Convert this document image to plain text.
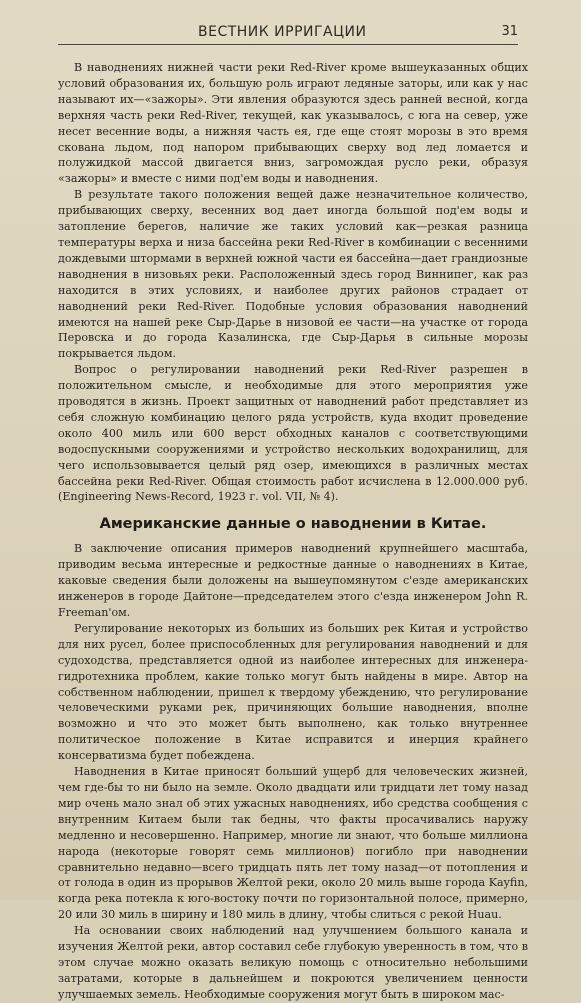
ВЕСТНИК ИРРИГАЦИИ	31

В наводнениях нижней части реки Red-River кроме вышеуказанных общих условий образования их, большую роль играют ледяные заторы, или как у нас называют их—«зажоры». Эти явления образуются здесь ранней весной, когда верхняя часть реки Red-River, текущей, как указывалось, с юга на север, уже несет весенние воды, а нижняя часть ея, где еще стоят морозы в это время скована льдом, под напором прибывающих сверху вод лед ломается и полужидкой массой двигается вниз, загромождая русло реки, образуя «зажоры» и вместе с ними под'ем воды и наводнения.

В результате такого положения вещей даже незначительное количество, прибывающих сверху, весенних вод дает иногда большой под'ем воды и затопление берегов, наличие же таких условий как—резкая разница температуры верха и низа бассейна реки Red-River в комбинации с весенними дождевыми штормами в верхней южной части ея бассейна—дает грандиозные наводнения в низовьях реки. Расположенный здесь город Виннипег, как раз находится в этих условиях, и наиболее других районов страдает от наводнений реки Red-River. Подобные условия образования наводнений имеются на нашей реке Сыр-Дарье в низовой ее части—на участке от города Перовска и до города Казалинска, где Сыр-Дарья в сильные морозы покрывается льдом.

Вопрос о регулировании наводнений реки Red-River разрешен в положительном смысле, и необходимые для этого мероприятия уже проводятся в жизнь. Проект защитных от наводнений работ представляет из себя сложную комбинацию целого ряда устройств, куда входит проведение около 400 миль или 600 верст обходных каналов с соответствующими водоспускными сооружениями и устройство нескольких водохранилищ, для чего использовывается целый ряд озер, имеющихся в различных местах бассейна реки Red-River. Общая стоимость работ исчислена в 12.000.000 руб. (Engineering News-Record, 1923 г. vol. VII, № 4).

Американские данные о наводнении в Китае.

В заключение описания примеров наводнений крупнейшего масштаба, приводим весьма интересные и редкостные данные о наводнениях в Китае, каковые сведения были доложены на вышеупомянутом с'езде американских инженеров в городе Дайтоне—председателем этого с'езда инженером John R. Freeman'ом.

Регулирование некоторых из больших из больших рек Китая и устройство для них русел, более приспособленных для регулирования наводнений и для судоходства, представляется одной из наиболее интересных для инженера-гидротехника проблем, какие только могут быть найдены в мире. Автор на собственном наблюдении, пришел к твердому убеждению, что регулирование человеческими руками рек, причиняющих большие наводнения, вполне возможно и что это может быть выполнено, как только внутреннее политическое положение в Китае исправится и инерция крайнего консерватизма будет побеждена.

Наводнения в Китае приносят больший ущерб для человеческих жизней, чем где-бы то ни было на земле. Около двадцати или тридцати лет тому назад мир очень мало знал об этих ужасных наводнениях, ибо средства сообщения с внутренним Китаем были так бедны, что факты просачивались наружу медленно и несовершенно. Например, многие ли знают, что больше миллиона народа (некоторые говорят семь миллионов) погибло при наводнении сравнительно недавно—всего тридцать пять лет тому назад—от потопления и от голода в один из прорывов Желтой реки, около 20 миль выше города Kayfin, когда река потекла к юго-востоку почти по горизонтальной полосе, примерно, 20 или 30 миль в ширину и 180 миль в длину, чтобы слиться с рекой Huau.

На основании своих наблюдений над улучшением большого канала и изучения Желтой реки, автор составил себе глубокую уверенность в том, что в этом случае можно оказать великую помощь с относительно небольшими затратами, которые в дальнейшем и покроются увеличением ценности улучшаемых земель. Необходимые сооружения могут быть в широком мас-
